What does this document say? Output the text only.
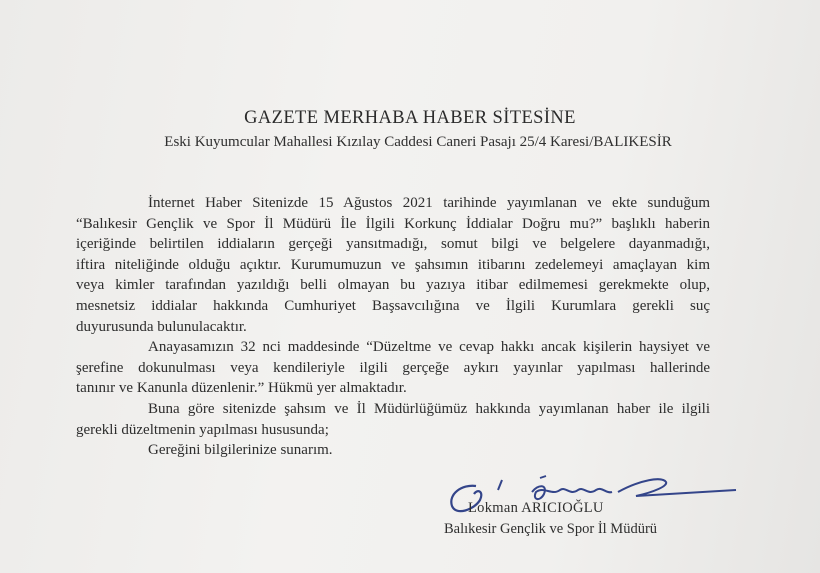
GAZETE MERHABA HABER SİTESİNE
Eski Kuyumcular Mahallesi Kızılay Caddesi Caneri Pasajı 25/4 Karesi/BALIKESİR
İnternet Haber Sitenizde 15 Ağustos 2021 tarihinde yayımlanan ve ekte sunduğum
“Balıkesir Gençlik ve Spor İl Müdürü İle İlgili Korkunç İddialar Doğru mu?” başlıklı haberin
içeriğinde belirtilen iddiaların gerçeği yansıtmadığı, somut bilgi ve belgelere dayanmadığı,
iftira niteliğinde olduğu açıktır. Kurumumuzun ve şahsımın itibarını zedelemeyi amaçlayan kim
veya kimler tarafından yazıldığı belli olmayan bu yazıya itibar edilmemesi gerekmekte olup,
mesnetsiz iddialar hakkında Cumhuriyet Başsavcılığına ve İlgili Kurumlara gerekli suç
duyurusunda bulunulacaktır.
Anayasamızın 32 nci maddesinde “Düzeltme ve cevap hakkı ancak kişilerin haysiyet ve
şerefine dokunulması veya kendileriyle ilgili gerçeğe aykırı yayınlar yapılması hallerinde
tanınır ve Kanunla düzenlenir.” Hükmü yer almaktadır.
Buna göre sitenizde şahsım ve İl Müdürlüğümüz hakkında yayımlanan haber ile ilgili
gerekli düzeltmenin yapılması hususunda;
Gereğini bilgilerinize sunarım.
Lokman ARICIOĞLU
Balıkesir Gençlik ve Spor İl Müdürü
